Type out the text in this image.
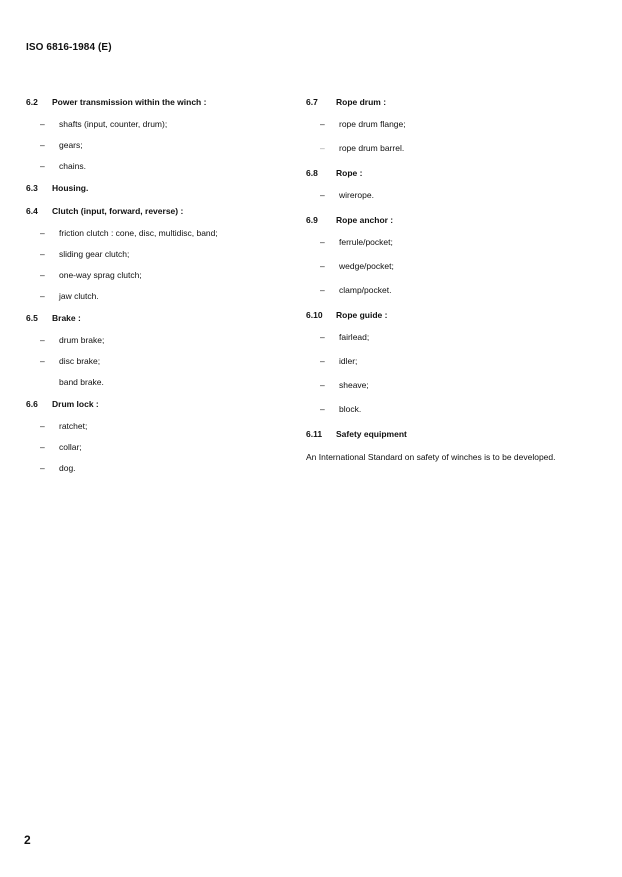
ISO 6816-1984 (E)
6.2 Power transmission within the winch :
– shafts (input, counter, drum);
– gears;
– chains.
6.3 Housing.
6.4 Clutch (input, forward, reverse) :
– friction clutch : cone, disc, multidisc, band;
– sliding gear clutch;
– one-way sprag clutch;
– jaw clutch.
6.5 Brake :
– drum brake;
– disc brake;
band brake.
6.6 Drum lock :
– ratchet;
– collar;
– dog.
6.7 Rope drum :
– rope drum flange;
– rope drum barrel.
6.8 Rope :
– wirerope.
6.9 Rope anchor :
– ferrule/pocket;
– wedge/pocket;
– clamp/pocket.
6.10 Rope guide :
– fairlead;
– idler;
– sheave;
– block.
6.11 Safety equipment
An International Standard on safety of winches is to be developed.
2
